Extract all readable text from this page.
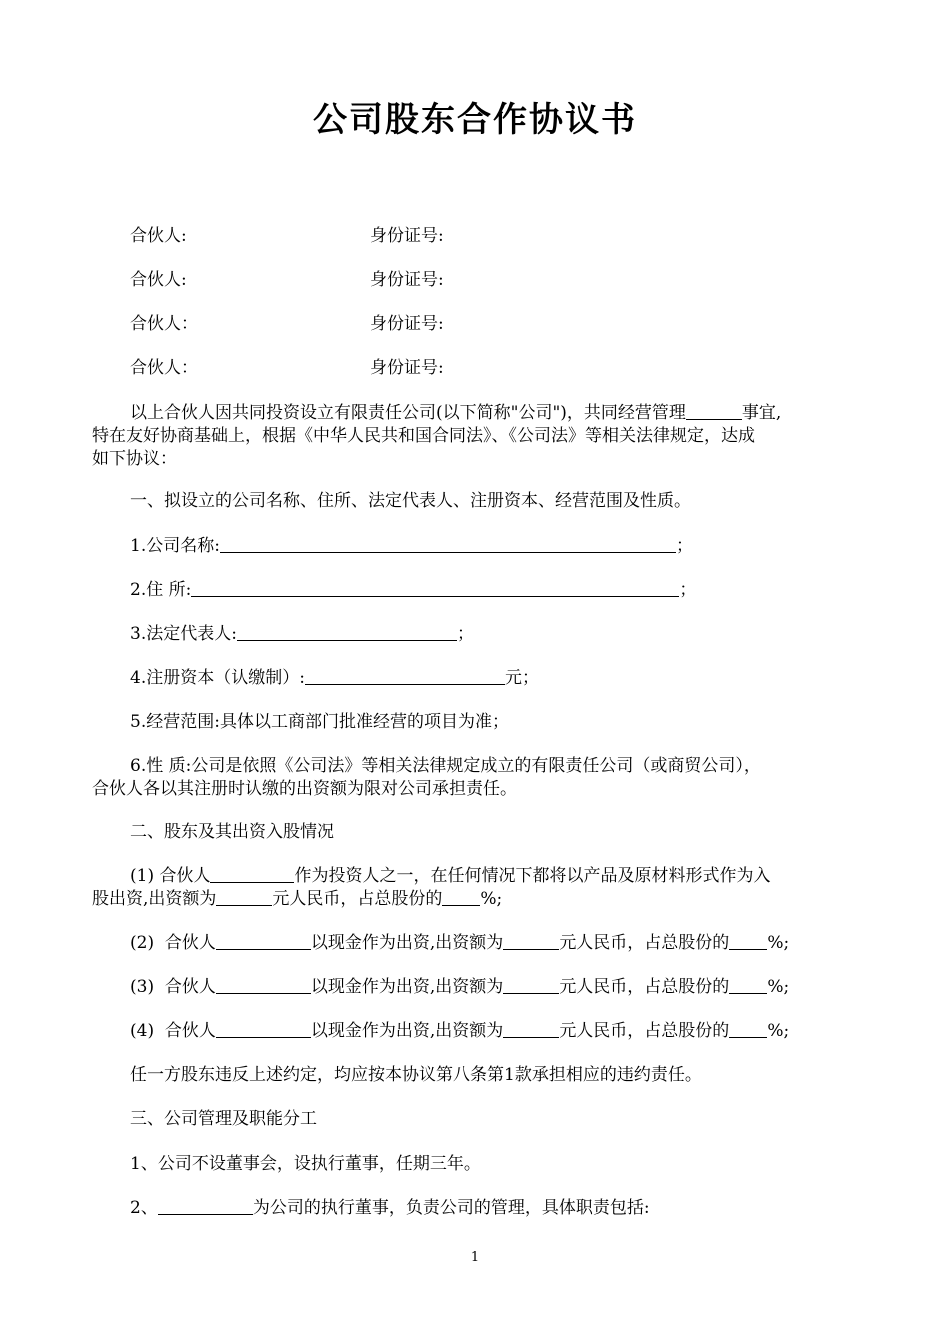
公司股东合作协议书
合伙人:	身份证号:
合伙人:	身份证号:
合伙人：	身份证号:
合伙人：	身份证号:
以上合伙人因共同投资设立有限责任公司(以下简称"公司")，共同经营管理	事宜,
特在友好协商基础上，根据《中华人民共和国合同法》、《公司法》等相关法律规定，达成
如下协议：
一、拟设立的公司名称、住所、法定代表人、注册资本、经营范围及性质。
1.公司名称:	；
2.住 所:	；
3.法定代表人:	；
4.注册资本（认缴制）:	元；
5.经营范围:具体以工商部门批准经营的项目为准；
6.性 质:公司是依照《公司法》等相关法律规定成立的有限责任公司（或商贸公司），
合伙人各以其注册时认缴的出资额为限对公司承担责任。
二、股东及其出资入股情况
(1) 合伙人	作为投资人之一，在任何情况下都将以产品及原材料形式作为入
股出资,出资额为	元人民币，占总股份的 %;
(2) 合伙人	以现金作为出资,出资额为	元人民币，占总股份的 %;
(3) 合伙人	以现金作为出资,出资额为	元人民币，占总股份的 %;
(4) 合伙人	以现金作为出资,出资额为	元人民币，占总股份的 %;
任一方股东违反上述约定，均应按本协议第八条第1款承担相应的违约责任。
三、公司管理及职能分工
1、公司不设董事会，设执行董事，任期三年。
2、	为公司的执行董事，负责公司的管理，具体职责包括:
1
